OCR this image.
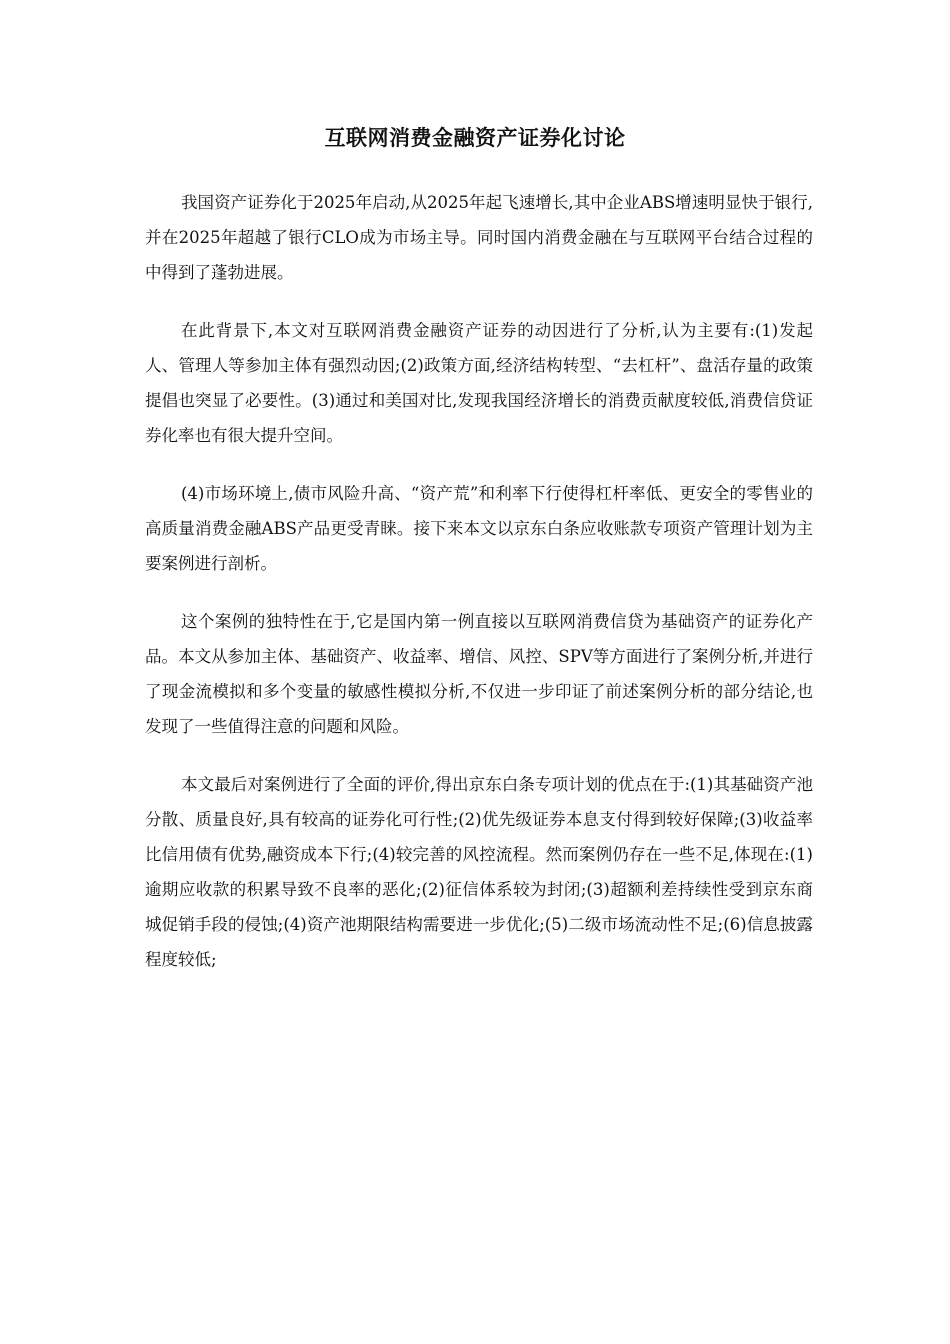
互联网消费金融资产证券化讨论

我国资产证券化于2025年启动,从2025年起飞速增长,其中企业ABS增速明显快于银行,并在2025年超越了银行CLO成为市场主导。同时国内消费金融在与互联网平台结合过程的中得到了蓬勃进展。

在此背景下,本文对互联网消费金融资产证券的动因进行了分析,认为主要有:(1)发起人、管理人等参加主体有强烈动因;(2)政策方面,经济结构转型、“去杠杆”、盘活存量的政策提倡也突显了必要性。(3)通过和美国对比,发现我国经济增长的消费贡献度较低,消费信贷证券化率也有很大提升空间。

(4)市场环境上,债市风险升高、“资产荒”和利率下行使得杠杆率低、更安全的零售业的高质量消费金融ABS产品更受青睐。接下来本文以京东白条应收账款专项资产管理计划为主要案例进行剖析。

这个案例的独特性在于,它是国内第一例直接以互联网消费信贷为基础资产的证券化产品。本文从参加主体、基础资产、收益率、增信、风控、SPV等方面进行了案例分析,并进行了现金流模拟和多个变量的敏感性模拟分析,不仅进一步印证了前述案例分析的部分结论,也发现了一些值得注意的问题和风险。

本文最后对案例进行了全面的评价,得出京东白条专项计划的优点在于:(1)其基础资产池分散、质量良好,具有较高的证券化可行性;(2)优先级证券本息支付得到较好保障;(3)收益率比信用债有优势,融资成本下行;(4)较完善的风控流程。然而案例仍存在一些不足,体现在:(1)逾期应收款的积累导致不良率的恶化;(2)征信体系较为封闭;(3)超额利差持续性受到京东商城促销手段的侵蚀;(4)资产池期限结构需要进一步优化;(5)二级市场流动性不足;(6)信息披露程度较低;
